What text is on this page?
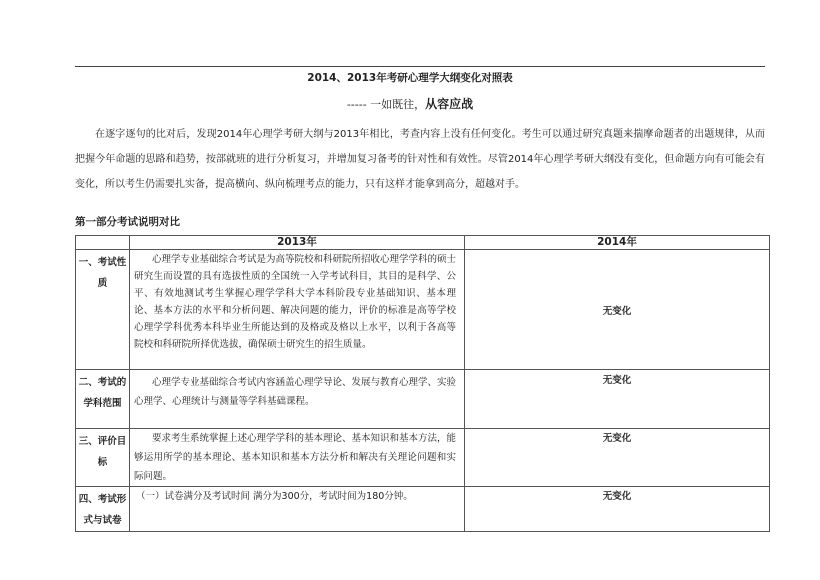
2014、2013年考研心理学大纲变化对照表
----- 一如既往，从容应战
在逐字逐句的比对后，发现2014年心理学考研大纲与2013年相比，考查内容上没有任何变化。考生可以通过研究真题来揣摩命题者的出题规律，从而把握今年命题的思路和趋势，按部就班的进行分析复习，并增加复习备考的针对性和有效性。尽管2014年心理学考研大纲没有变化，但命题方向有可能会有变化，所以考生仍需要扎实备，提高横向、纵向梳理考点的能力，只有这样才能拿到高分，超越对手。
第一部分考试说明对比
	2013年	2014年
一、考试性质	心理学专业基础综合考试是为高等院校和科研院所招收心理学学科的硕士研究生而设置的具有选拔性质的全国统一入学考试科目，其目的是科学、公平、有效地测试考生掌握心理学学科大学本科阶段专业基础知识、基本理论、基本方法的水平和分析问题、解决问题的能力，评价的标准是高等学校心理学学科优秀本科毕业生所能达到的及格或及格以上水平，以利于各高等院校和科研院所择优选拔，确保硕士研究生的招生质量。	无变化
二、考试的学科范围	心理学专业基础综合考试内容涵盖心理学导论、发展与教育心理学、实验心理学、心理统计与测量等学科基础课程。	无变化
三、评价目标	要求考生系统掌握上述心理学学科的基本理论、基本知识和基本方法，能够运用所学的基本理论、基本知识和基本方法分析和解决有关理论问题和实际问题。	无变化
四、考试形式与试卷	（一）试卷满分及考试时间 满分为300分，考试时间为180分钟。	无变化
